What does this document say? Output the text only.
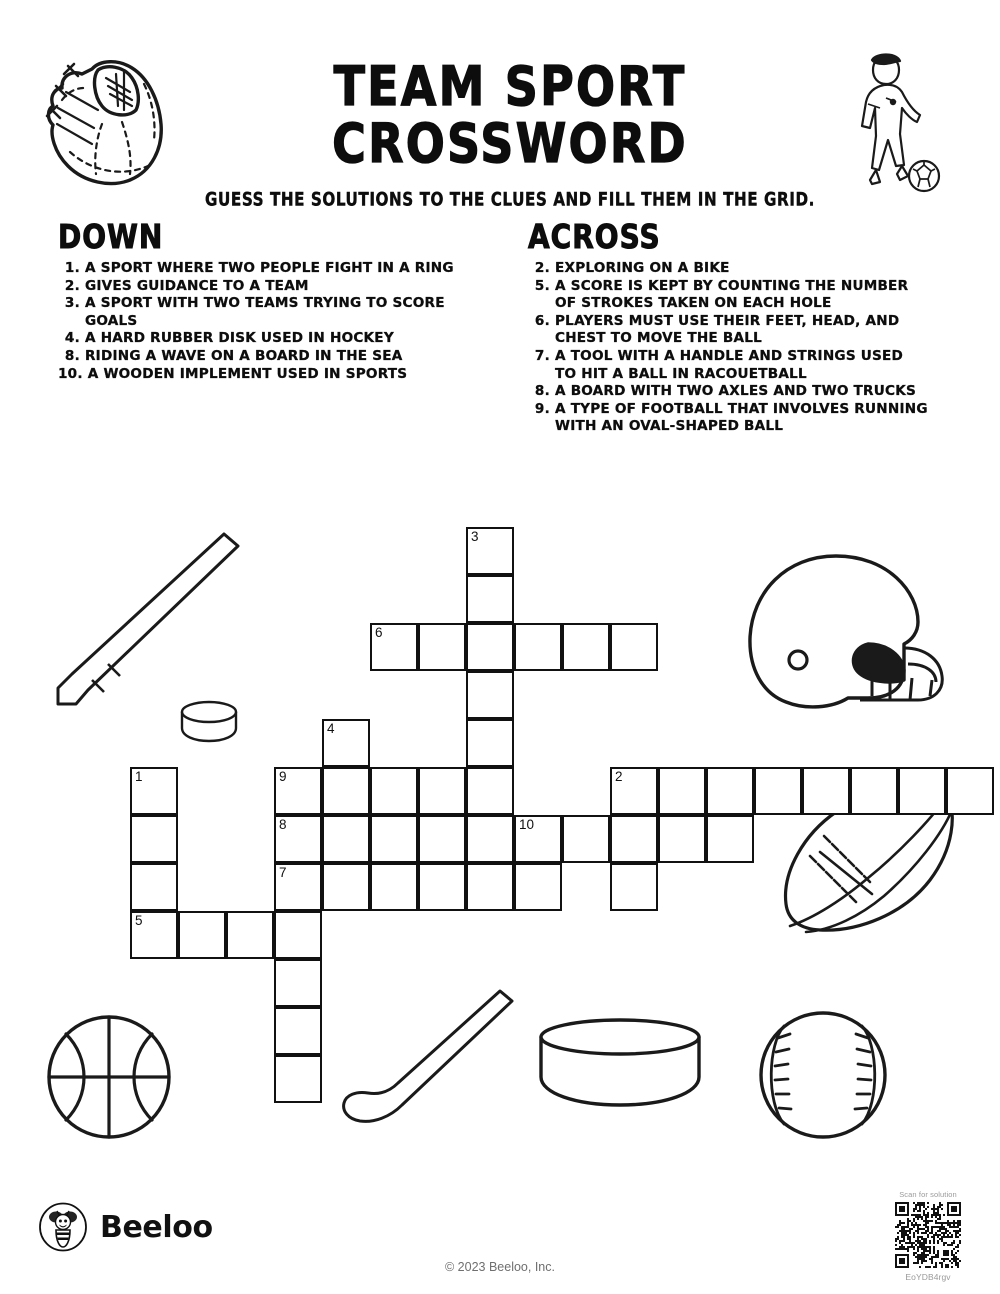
TEAM SPORT CROSSWORD

GUESS THE SOLUTIONS TO THE CLUES AND FILL THEM IN THE GRID.

DOWN
1. A SPORT WHERE TWO PEOPLE FIGHT IN A RING
2. GIVES GUIDANCE TO A TEAM
3. A SPORT WITH TWO TEAMS TRYING TO SCORE GOALS
4. A HARD RUBBER DISK USED IN HOCKEY
8. RIDING A WAVE ON A BOARD IN THE SEA
10. A WOODEN IMPLEMENT USED IN SPORTS
ACROSS
2. EXPLORING ON A BIKE
5. A SCORE IS KEPT BY COUNTING THE NUMBER OF STROKES TAKEN ON EACH HOLE
6. PLAYERS MUST USE THEIR FEET, HEAD, AND CHEST TO MOVE THE BALL
7. A TOOL WITH A HANDLE AND STRINGS USED TO HIT A BALL IN RACOUETBALL
8. A BOARD WITH TWO AXLES AND TWO TRUCKS
9. A TYPE OF FOOTBALL THAT INVOLVES RUNNING WITH AN OVAL-SHAPED BALL
3
6
4
1	9	2
8	10
7
5
Beeloo
© 2023 Beeloo, Inc.
Scan for solution
EoYDB4rgv
